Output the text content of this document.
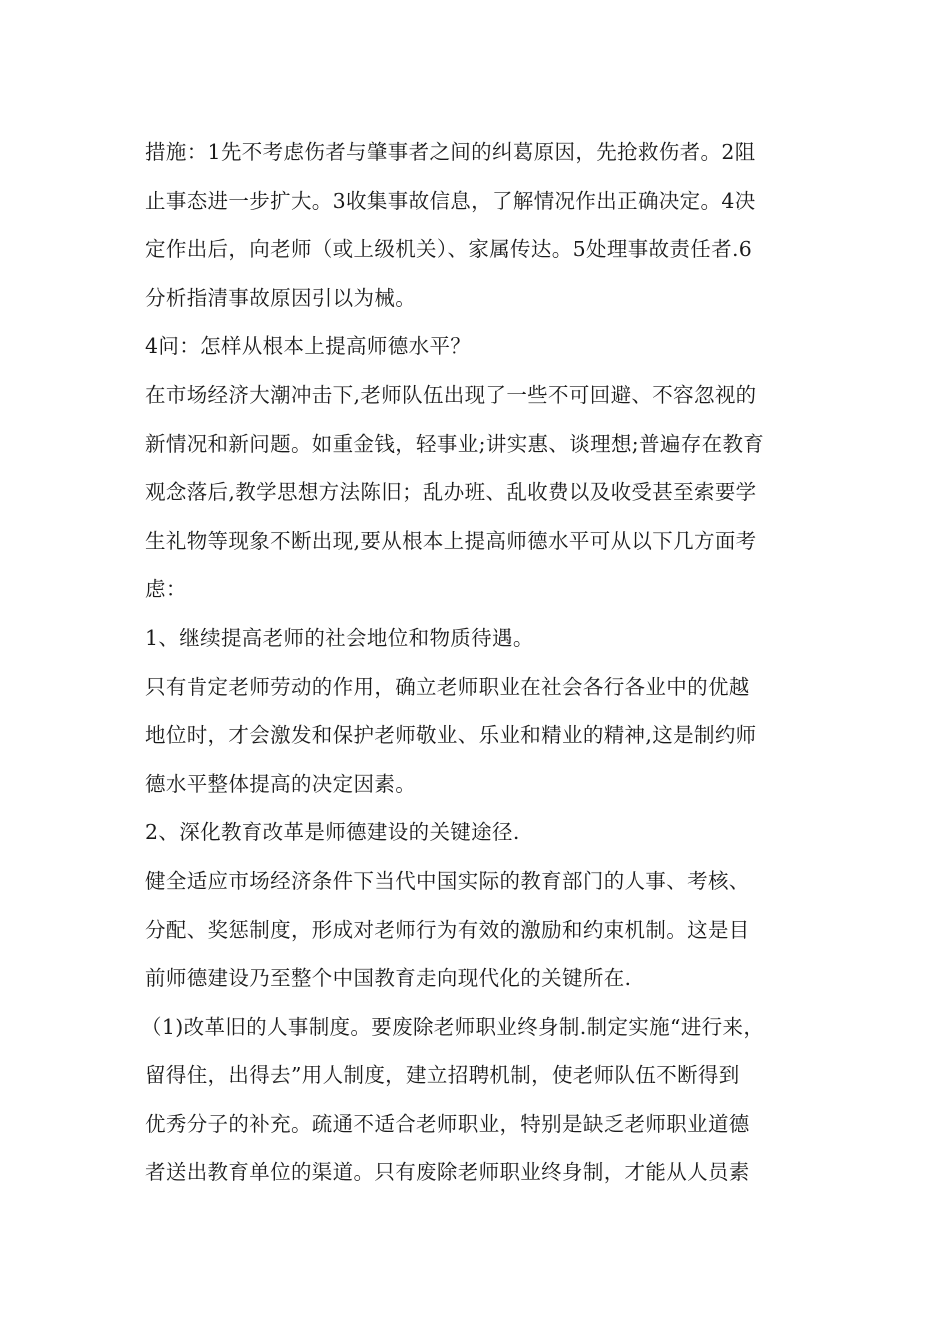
措施：1先不考虑伤者与肇事者之间的纠葛原因，先抢救伤者。2阻
止事态进一步扩大。3收集事故信息，了解情况作出正确决定。4决
定作出后，向老师（或上级机关）、家属传达。5处理事故责任者.6
分析指清事故原因引以为械。
4问：怎样从根本上提高师德水平？
在市场经济大潮冲击下,老师队伍出现了一些不可回避、不容忽视的
新情况和新问题。如重金钱，轻事业;讲实惠、谈理想;普遍存在教育
观念落后,教学思想方法陈旧；乱办班、乱收费以及收受甚至索要学
生礼物等现象不断出现,要从根本上提高师德水平可从以下几方面考
虑：
1、继续提高老师的社会地位和物质待遇。
只有肯定老师劳动的作用，确立老师职业在社会各行各业中的优越
地位时，才会激发和保护老师敬业、乐业和精业的精神,这是制约师
德水平整体提高的决定因素。
2、深化教育改革是师德建设的关键途径.
健全适应市场经济条件下当代中国实际的教育部门的人事、考核、
分配、奖惩制度，形成对老师行为有效的激励和约束机制。这是目
前师德建设乃至整个中国教育走向现代化的关键所在.
（1)改革旧的人事制度。要废除老师职业终身制.制定实施“进行来，
留得住，出得去”用人制度，建立招聘机制，使老师队伍不断得到
优秀分子的补充。疏通不适合老师职业，特别是缺乏老师职业道德
者送出教育单位的渠道。只有废除老师职业终身制，才能从人员素
